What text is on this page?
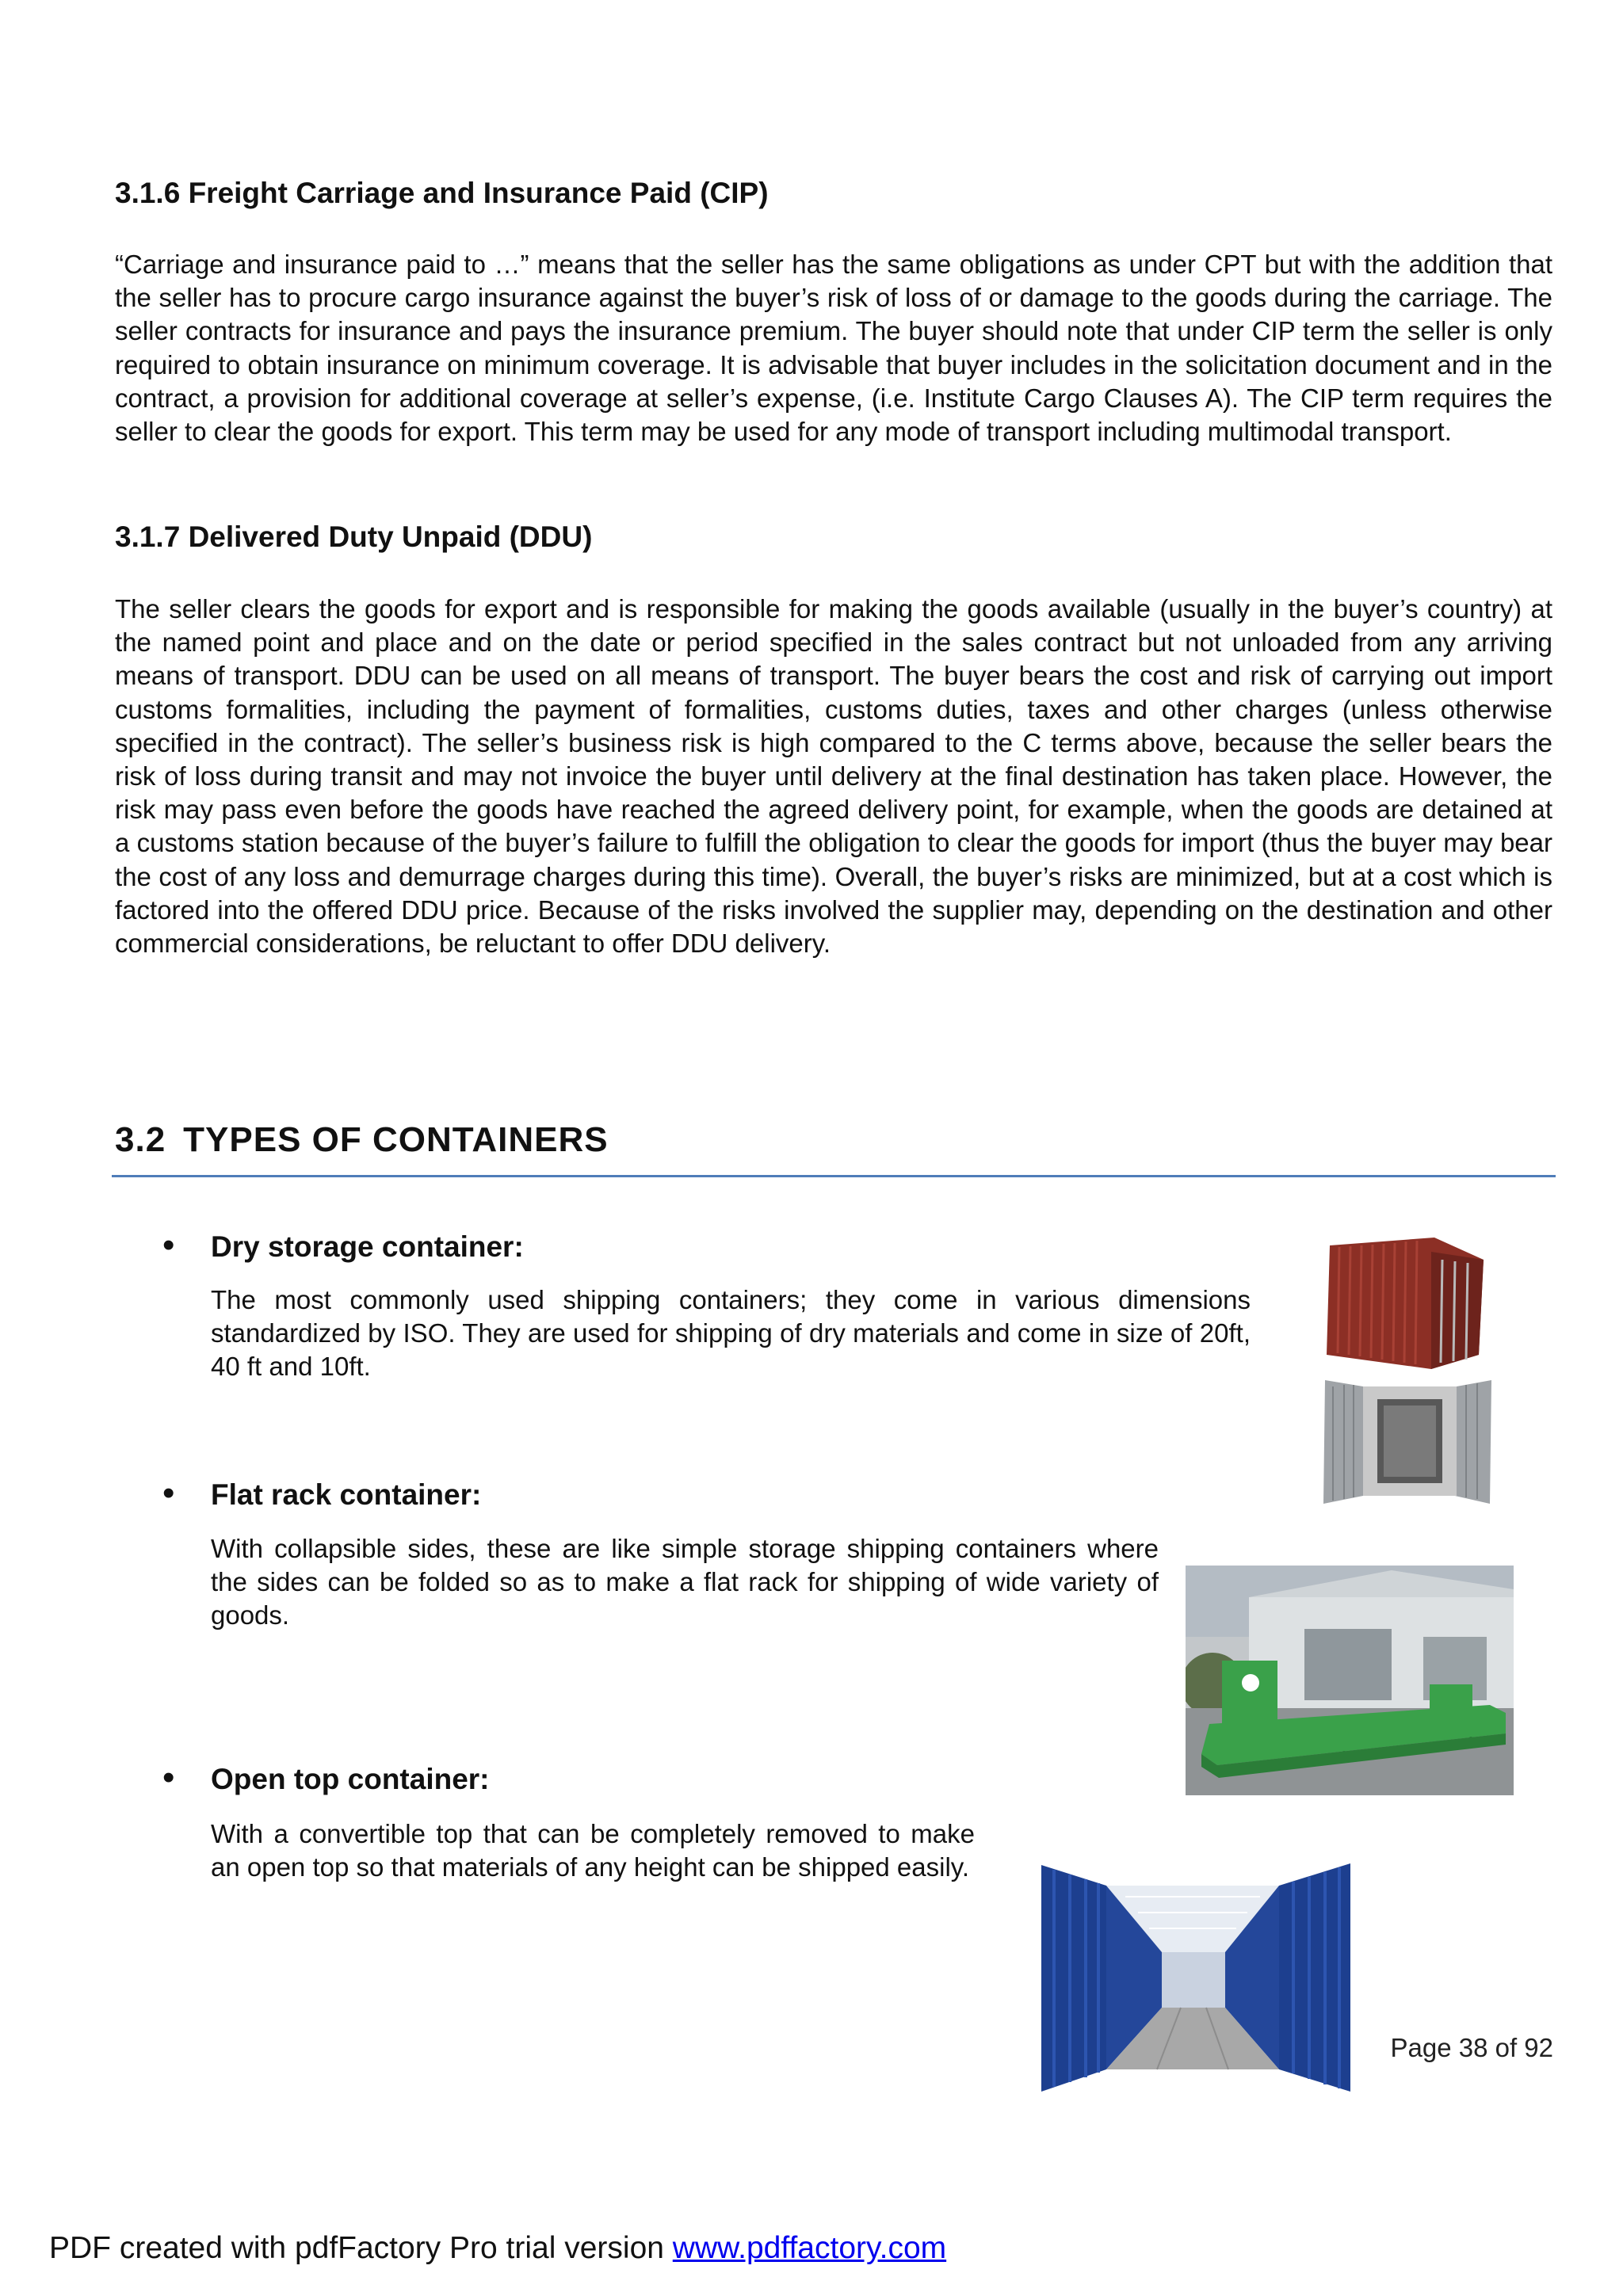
3.1.6 Freight Carriage and Insurance Paid (CIP)

“Carriage and insurance paid to …” means that the seller has the same obligations as under CPT but with the addition that the seller has to procure cargo insurance against the buyer’s risk of loss of or damage to the goods during the carriage. The seller contracts for insurance and pays the insurance premium. The buyer should note that under CIP term the seller is only required to obtain insurance on minimum coverage. It is advisable that buyer includes in the solicitation document and in the contract, a provision for additional coverage at seller’s expense, (i.e. Institute Cargo Clauses A). The CIP term requires the seller to clear the goods for export. This term may be used for any mode of transport including multimodal transport.

3.1.7 Delivered Duty Unpaid (DDU)

The seller clears the goods for export and is responsible for making the goods available (usually in the buyer’s country) at the named point and place and on the date or period specified in the sales contract but not unloaded from any arriving means of transport. DDU can be used on all means of transport. The buyer bears the cost and risk of carrying out import customs formalities, including the payment of formalities, customs duties, taxes and other charges (unless otherwise specified in the contract). The seller’s business risk is high compared to the C terms above, because the seller bears the risk of loss during transit and may not invoice the buyer until delivery at the final destination has taken place. However, the risk may pass even before the goods have reached the agreed delivery point, for example, when the goods are detained at a customs station because of the buyer’s failure to fulfill the obligation to clear the goods for import (thus the buyer may bear the cost of any loss and demurrage charges during this time). Overall, the buyer’s risks are minimized, but at a cost which is factored into the offered DDU price. Because of the risks involved the supplier may, depending on the destination and other commercial considerations, be reluctant to offer DDU delivery.

3.2 TYPES OF CONTAINERS
• Dry storage container:

The most commonly used shipping containers; they come in various dimensions standardized by ISO. They are used for shipping of dry materials and come in size of 20ft, 40 ft and 10ft.

• Flat rack container:

With collapsible sides, these are like simple storage shipping containers where the sides can be folded so as to make a flat rack for shipping of wide variety of goods.

• Open top container:

With a convertible top that can be completely removed to make an open top so that materials of any height can be shipped easily.

Page 38 of 92
PDF created with pdfFactory Pro trial version www.pdffactory.com
